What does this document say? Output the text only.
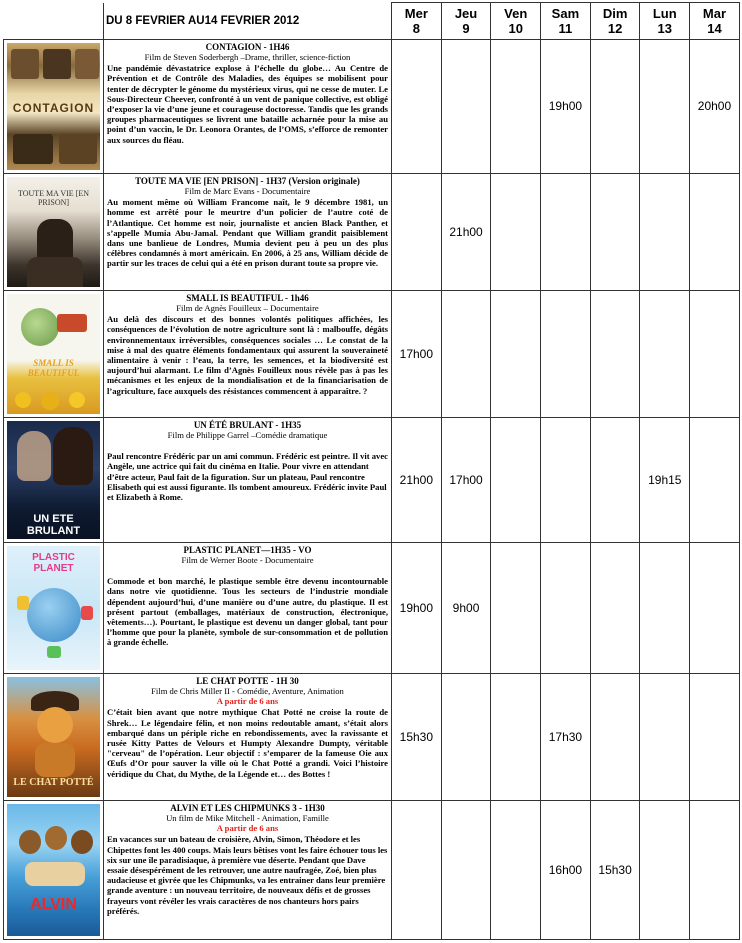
	DU 8 FEVRIER AU14 FEVRIER 2012	Mer
8	Jeu
9	Ven
10	Sam
11	Dim
12	Lun
13	Mar
14

CONTAGION	CONTAGION - 1H46
Film de Steven Soderbergh –Drame, thriller, science-fiction
Une pandémie dévastatrice explose à l’échelle du globe… Au Centre de Prévention et de Contrôle des Maladies, des équipes se mobilisent pour tenter de décrypter le génome du mystérieux virus, qui ne cesse de muter. Le Sous-Directeur Cheever, confronté à un vent de panique collective, est obligé d’exposer la vie d’une jeune et courageuse doctoresse. Tandis que les grands groupes pharmaceutiques se livrent une bataille acharnée pour la mise au point d’un vaccin, le Dr. Leonora Orantes, de l’OMS, s’efforce de remonter aux sources du fléau.				19h00			20h00

TOUTE MA VIE [EN PRISON]	TOUTE MA VIE [EN PRISON] - 1H37 (Version originale)
Film de Marc Evans - Documentaire
Au moment même où William Francome naît, le 9 décembre 1981, un homme est arrêté pour le meurtre d’un policier de l’autre coté de l’Atlantique. Cet homme est noir, journaliste et ancien Black Panther, et s’appelle Mumia Abu-Jamal. Pendant que William grandit paisiblement dans une banlieue de Londres, Mumia devient peu à peu un des plus célèbres condamnés à mort américain. En 2006, à 25 ans, William décide de partir sur les traces de celui qui a été en prison durant toute sa propre vie.		21h00					

SMALL IS BEAUTIFUL	SMALL IS BEAUTIFUL - 1h46
Film de Agnès Fouilleux – Documentaire
Au delà des discours et des bonnes volontés politiques affichées, les conséquences de l’évolution de notre agriculture sont là : malbouffe, dégâts environnementaux irréversibles, conséquences sociales … Le constat de la mise à mal des quatre éléments fondamentaux qui assurent la souveraineté alimentaire à venir : l’eau, la terre, les semences, et la biodiversité est aujourd’hui alarmant. Le film d’Agnès Fouilleux nous révèle pas à pas les mécanismes et les enjeux de la mondialisation et de la financiarisation de l’agriculture, face auxquels des résistances commencent à apparaître. ?	17h00						

UN ETE BRULANT	UN ÉTÉ BRULANT - 1H35
Film de Philippe Garrel –Comédie dramatique
Paul rencontre Frédéric par un ami commun. Frédéric est peintre. Il vit avec Angèle, une actrice qui fait du cinéma en Italie. Pour vivre en attendant d’être acteur, Paul fait de la figuration. Sur un plateau, Paul rencontre Elisabeth qui est aussi figurante. Ils tombent amoureux. Frédéric invite Paul et Elizabeth à Rome.	21h00	17h00				19h15	

PLASTIC PLANET	PLASTIC PLANET—1H35 - VO
Film de Werner Boote - Documentaire
Commode et bon marché, le plastique semble être devenu incontournable dans notre vie quotidienne. Tous les secteurs de l’industrie mondiale dépendent aujourd’hui, d’une manière ou d’une autre, du plastique. Il est présent partout (emballages, matériaux de construction, électronique, vêtements…). Pourtant, le plastique est devenu un danger global, tant pour l’homme que pour la planète, symbole de sur-consommation et de pollution à grande échelle.	19h00	9h00					

LE CHAT POTTÉ	LE CHAT POTTE - 1H 30
Film de Chris Miller II - Comédie, Aventure, Animation
A partir de 6 ans
C’était bien avant que notre mythique Chat Potté ne croise la route de Shrek… Le légendaire félin, et non moins redoutable amant, s’était alors embarqué dans un périple riche en rebondissements, avec la ravissante et rusée Kitty Pattes de Velours et Humpty Alexandre Dumpty, véritable "cerveau" de l’opération. Leur objectif : s’emparer de la fameuse Oie aux Œufs d’Or pour sauver la ville où le Chat Potté a grandi. Voici l’histoire véridique du Chat, du Mythe, de la Légende et… des Bottes !	15h30			17h30			

ALVIN	ALVIN ET LES CHIPMUNKS 3 - 1H30
Un film de Mike Mitchell - Animation, Famille
A partir de 6 ans
En vacances sur un bateau de croisière, Alvin, Simon, Théodore et les Chipettes font les 400 coups. Mais leurs bêtises vont les faire échouer tous les six sur une île paradisiaque, à première vue déserte. Pendant que Dave essaie désespérément de les retrouver, une autre naufragée, Zoé, bien plus audacieuse et givrée que les Chipmunks, va les entrainer dans leur première grande aventure : un nouveau territoire, de nouveaux défis et de grosses frayeurs vont révéler les vrais caractères de nos chanteurs hors pairs préférés.				16h00	15h30		
